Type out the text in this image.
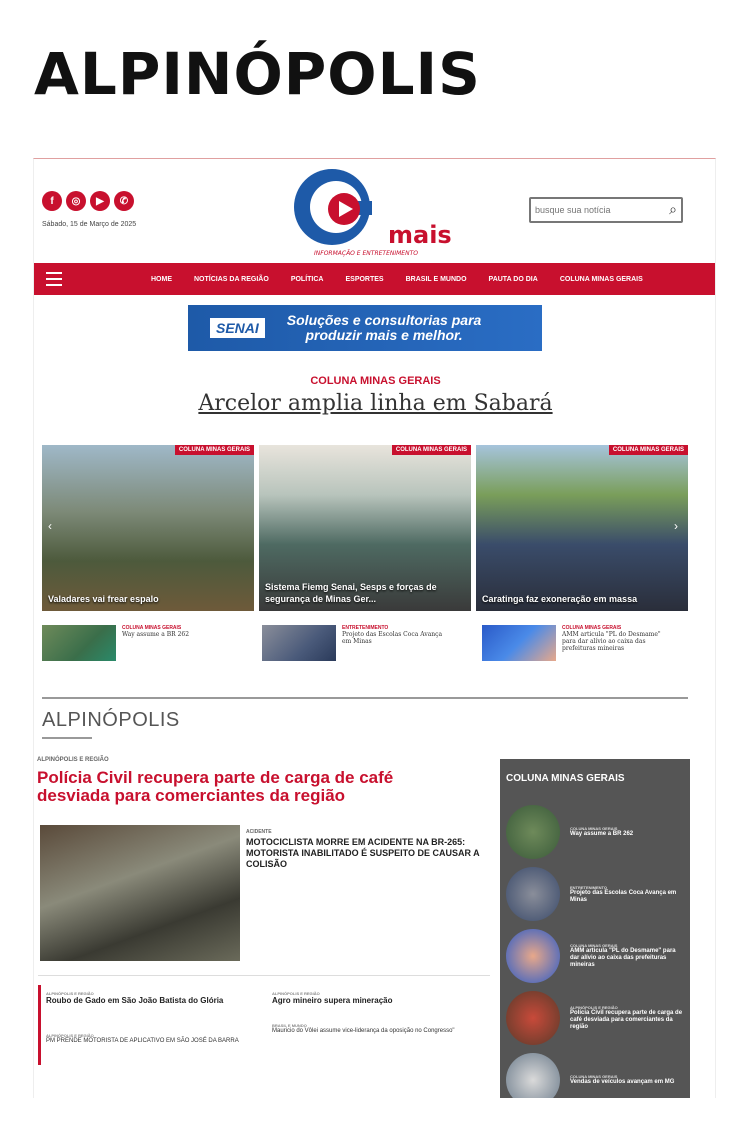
ALPINÓPOLIS
f	◎	▶	✆
Sábado, 15 de Março de 2025	mais
INFORMAÇÃO E ENTRETENIMENTO
busque sua notícia
⌕
HOME	NOTÍCIAS DA REGIÃO	POLÍTICA	ESPORTES	BRASIL E MUNDO	PAUTA DO DIA	COLUNA MINAS GERAIS
SENAI	Soluções e consultorias para
produzir mais e melhor.
COLUNA MINAS GERAIS
Arcelor amplia linha em Sabará
COLUNA MINAS GERAIS
Valadares vai frear espalo
COLUNA MINAS GERAIS
Sistema Fiemg Senai, Sesps e forças de segurança de Minas Ger...
COLUNA MINAS GERAIS
Caratinga faz exoneração em massa
‹	›
COLUNA MINAS GERAIS
Way assume a BR 262
ENTRETENIMENTO
Projeto das Escolas Coca Avança em Minas
COLUNA MINAS GERAIS
AMM articula "PL do Desmame" para dar alívio ao caixa das prefeituras mineiras
ALPINÓPOLIS
ALPINÓPOLIS E REGIÃO
Polícia Civil recupera parte de carga de café desviada para comerciantes da região
ACIDENTE
MOTOCICLISTA MORRE EM ACIDENTE NA BR-265: MOTORISTA INABILITADO É SUSPEITO DE CAUSAR A COLISÃO
ALPINÓPOLIS E REGIÃO
Roubo de Gado em São João Batista do Glória
ALPINÓPOLIS E REGIÃO
PM PRENDE MOTORISTA DE APLICATIVO EM SÃO JOSÉ DA BARRA
ALPINÓPOLIS E REGIÃO
Agro mineiro supera mineração
BRASIL E MUNDO
Mauricio do Vôlei assume vice-liderança da oposição no Congresso"
COLUNA MINAS GERAIS
COLUNA MINAS GERAIS
Way assume a BR 262
ENTRETENIMENTO
Projeto das Escolas Coca Avança em Minas
COLUNA MINAS GERAIS
AMM articula "PL do Desmame" para dar alívio ao caixa das prefeituras mineiras
ALPINÓPOLIS E REGIÃO
Polícia Civil recupera parte de carga de café desviada para comerciantes da região
COLUNA MINAS GERAIS
Vendas de veículos avançam em MG
